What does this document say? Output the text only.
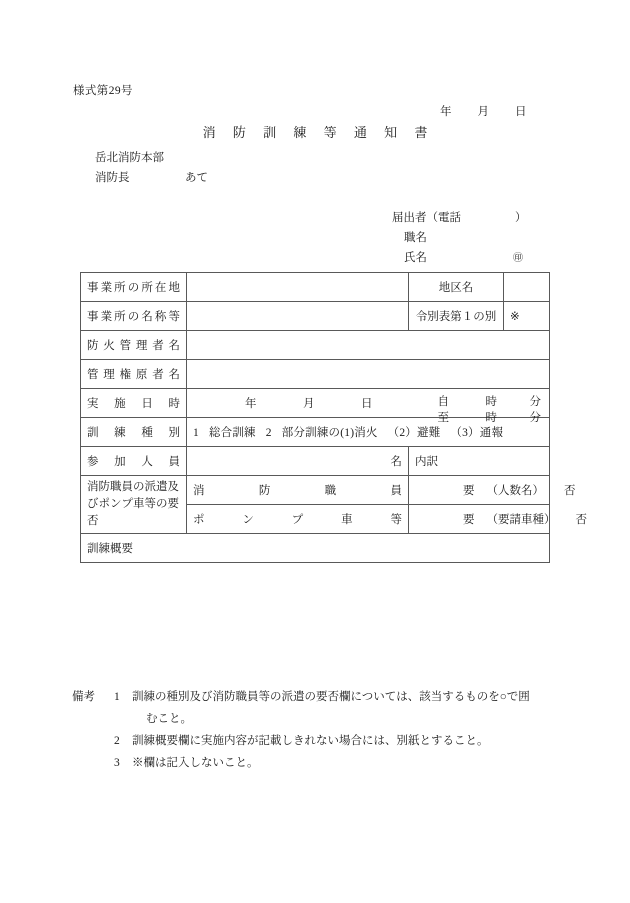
様式第29号
年 月 日
消 防 訓 練 等 通 知 書
岳北消防本部
消防長	あて
届出者（電話	）
職名
氏名	㊞
事業所の所在地		地区名	
事業所の名称等		令別表第１の別	※
防火管理者名			
管理権原者名			
実施日時	年 月 日 自 時 分
至 時 分		

訓練種別	1 総合訓練 2 部分訓練の(1)消火 （2）避難 （3）通報		
参加人員	名	内訳	
消防職員の派遣及びポンプ車等の要否	消防職員	要 （人数 名） 否	

	ポンプ車等	要 （要請車種 ） 否	

訓練概要			
備考 1 訓練の種別及び消防職員等の派遣の要否欄については、該当するものを○で囲
むこと。
2 訓練概要欄に実施内容が記載しきれない場合には、別紙とすること。
3 ※欄は記入しないこと。
